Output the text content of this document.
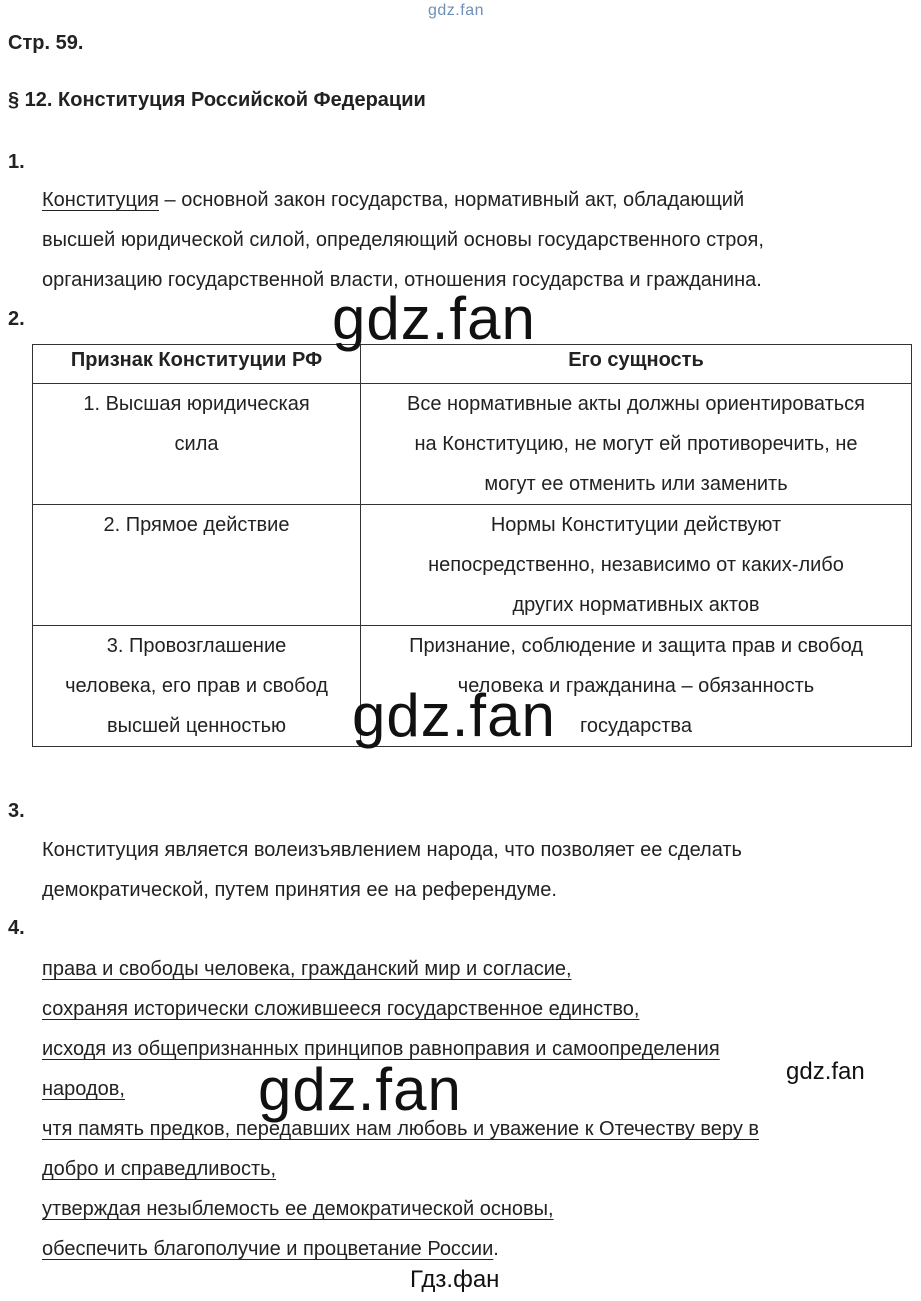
gdz.fan
Стр. 59.
§ 12. Конституция Российской Федерации
1.
Конституция – основной закон государства, нормативный акт, обладающий
высшей юридической силой, определяющий основы государственного строя,
организацию государственной власти, отношения государства и гражданина.
2.
Признак Конституции РФ	Его сущность

1. Высшая юридическая
сила	Все нормативные акты должны ориентироваться
на Конституцию, не могут ей противоречить, не
могут ее отменить или заменить

2. Прямое действие	Нормы Конституции действуют
непосредственно, независимо от каких-либо
других нормативных актов

3. Провозглашение
человека, его прав и свобод
высшей ценностью	Признание, соблюдение и защита прав и свобод
человека и гражданина – обязанность
государства
3.
Конституция является волеизъявлением народа, что позволяет ее сделать
демократической, путем принятия ее на референдуме.
4.
права и свободы человека, гражданский мир и согласие,
сохраняя исторически сложившееся государственное единство,
исходя из общепризнанных принципов равноправия и самоопределения
народов,
чтя память предков, передавших нам любовь и уважение к Отечеству веру в
добро и справедливость,
утверждая незыблемость ее демократической основы,
обеспечить благополучие и процветание России.
gdz.fan
gdz.fan
gdz.fan	gdz.fan
Гдз.фан
